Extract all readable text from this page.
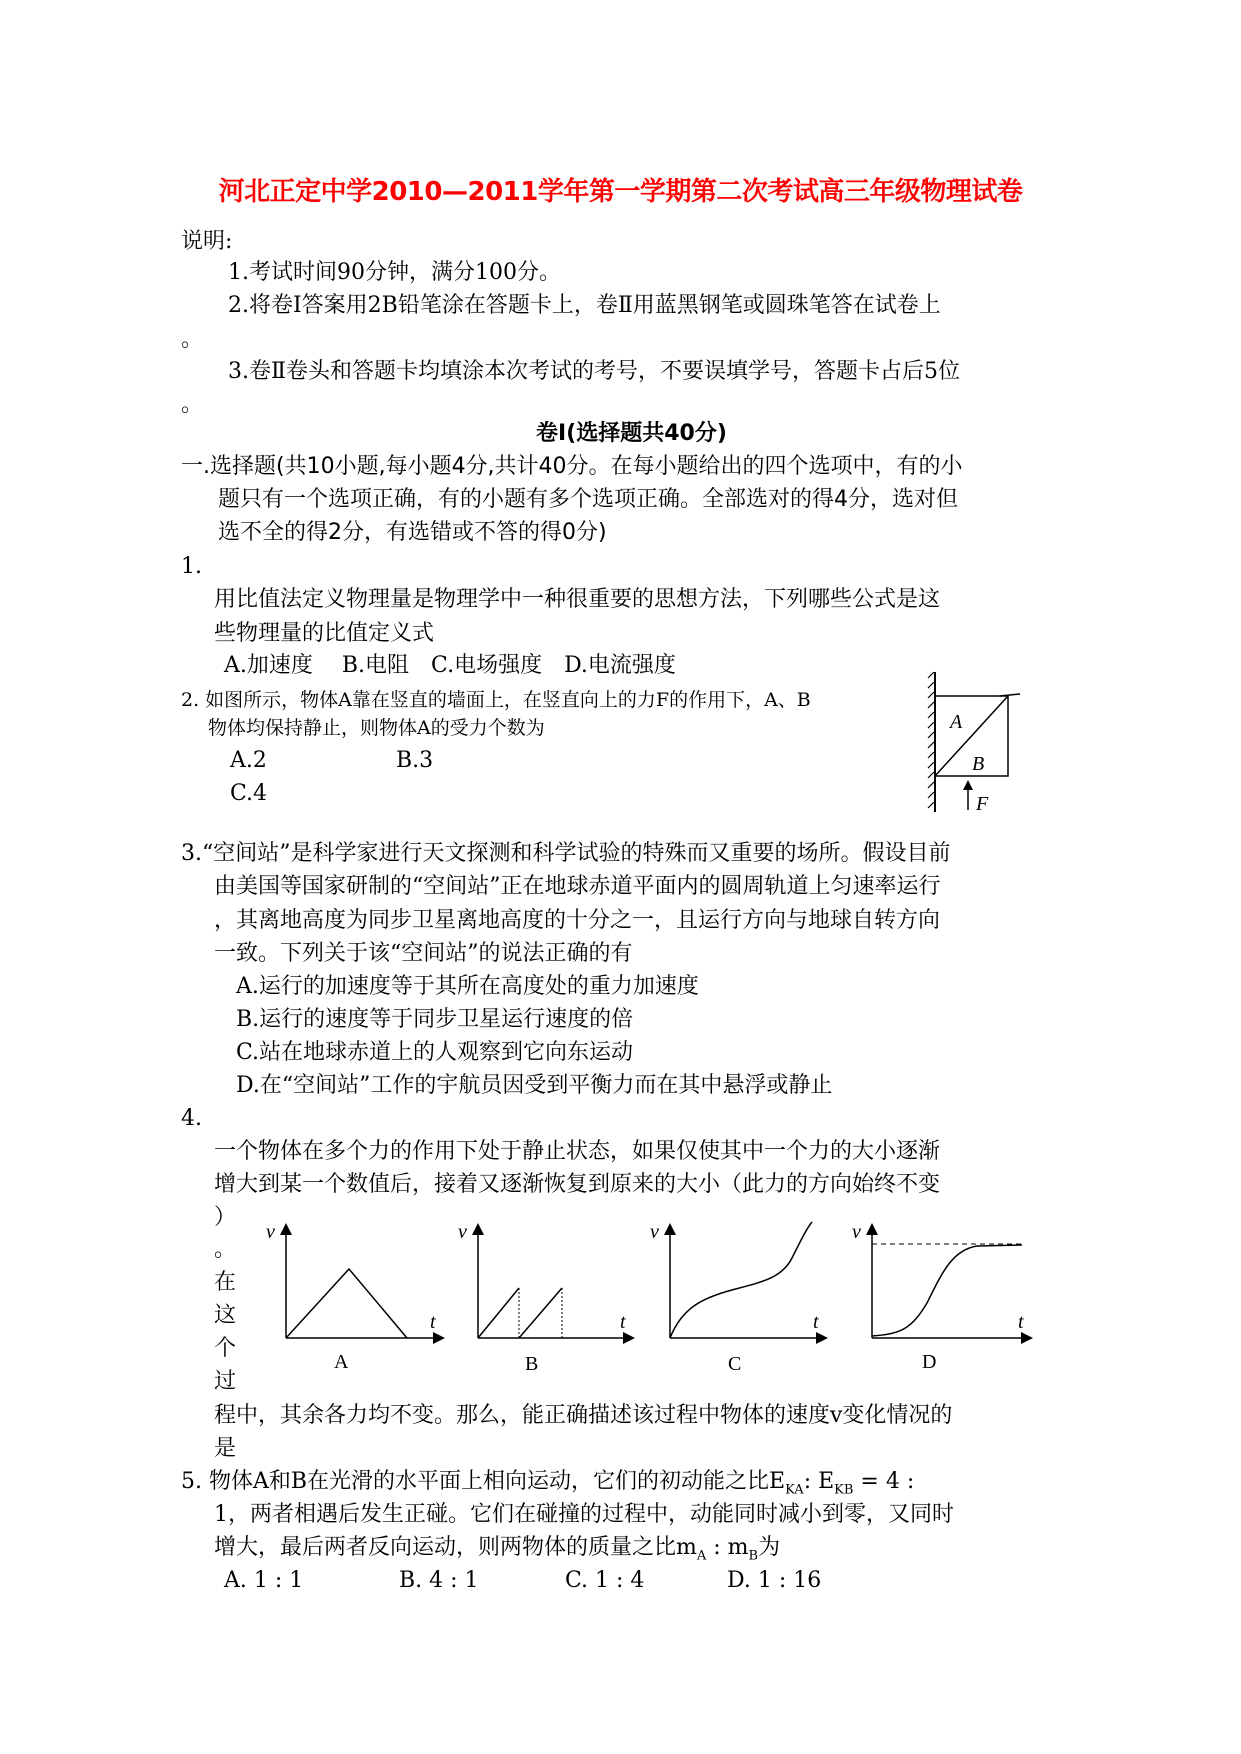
河北正定中学2010—2011学年第一学期第二次考试高三年级物理试卷
说明:
1.考试时间90分钟，满分100分。
2.将卷Ⅰ答案用2B铅笔涂在答题卡上，卷Ⅱ用蓝黑钢笔或圆珠笔答在试卷上
。
3.卷Ⅱ卷头和答题卡均填涂本次考试的考号，不要误填学号，答题卡占后5位
。
卷Ⅰ(选择题共40分)
一.选择题(共10小题,每小题4分,共计40分。在每小题给出的四个选项中，有的小
题只有一个选项正确，有的小题有多个选项正确。全部选对的得4分，选对但
选不全的得2分，有选错或不答的得0分)
1.
用比值法定义物理量是物理学中一种很重要的思想方法，下列哪些公式是这
些物理量的比值定义式
A.加速度　 B.电阻　C.电场强度　D.电流强度
2. 如图所示，物体A靠在竖直的墙面上，在竖直向上的力F的作用下，A、B
物体均保持静止，则物体A的受力个数为
A.2	B.3
C.4
A
B
F
3.“空间站”是科学家进行天文探测和科学试验的特殊而又重要的场所。假设目前
由美国等国家研制的“空间站”正在地球赤道平面内的圆周轨道上匀速率运行
，其离地高度为同步卫星离地高度的十分之一，且运行方向与地球自转方向
一致。下列关于该“空间站”的说法正确的有
A.运行的加速度等于其所在高度处的重力加速度
B.运行的速度等于同步卫星运行速度的倍
C.站在地球赤道上的人观察到它向东运动
D.在“空间站”工作的宇航员因受到平衡力而在其中悬浮或静止
4.
一个物体在多个力的作用下处于静止状态，如果仅使其中一个力的大小逐渐
增大到某一个数值后，接着又逐渐恢复到原来的大小（此力的方向始终不变
）
。
在
这
个
过
程中，其余各力均不变。那么，能正确描述该过程中物体的速度v变化情况的
是
v
t
A
v
t
B
v
t
C
v
t
D
5. 物体A和B在光滑的水平面上相向运动，它们的初动能之比$E_{KA}$: $E_{KB} = 4$ :
1，两者相遇后发生正碰。它们在碰撞的过程中，动能同时减小到零，又同时
增大，最后两者反向运动，则两物体的质量之比$m_A$ : $m_B$为
A. 1 : 1	B. 4 : 1	C. 1 : 4	D. 1 : 16
